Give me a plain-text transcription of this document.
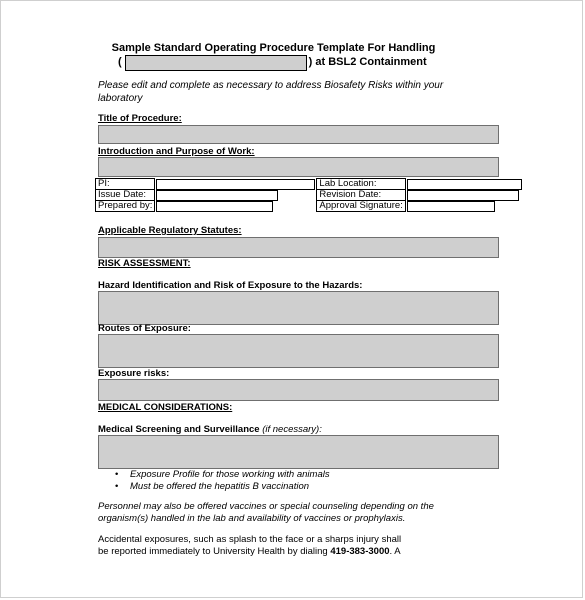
Sample Standard Operating Procedure Template For Handling
(	) at BSL2 Containment
Please edit and complete as necessary to address Biosafety Risks within your laboratory
Title of Procedure:
Introduction and Purpose of Work:
PI:		Lab Location:	
Issue Date:		Revision Date:	
Prepared by:		Approval Signature:	
Applicable Regulatory Statutes:
RISK ASSESSMENT:
Hazard Identification and Risk of Exposure to the Hazards:
Routes of Exposure:
Exposure risks:
MEDICAL CONSIDERATIONS:
Medical Screening and Surveillance (if necessary):
• Exposure Profile for those working with animals
• Must be offered the hepatitis B vaccination
Personnel may also be offered vaccines or special counseling depending on the organism(s) handled in the lab and availability of vaccines or prophylaxis.
Accidental exposures, such as splash to the face or a sharps injury shall be reported immediately to University Health by dialing 419-383-3000. A
